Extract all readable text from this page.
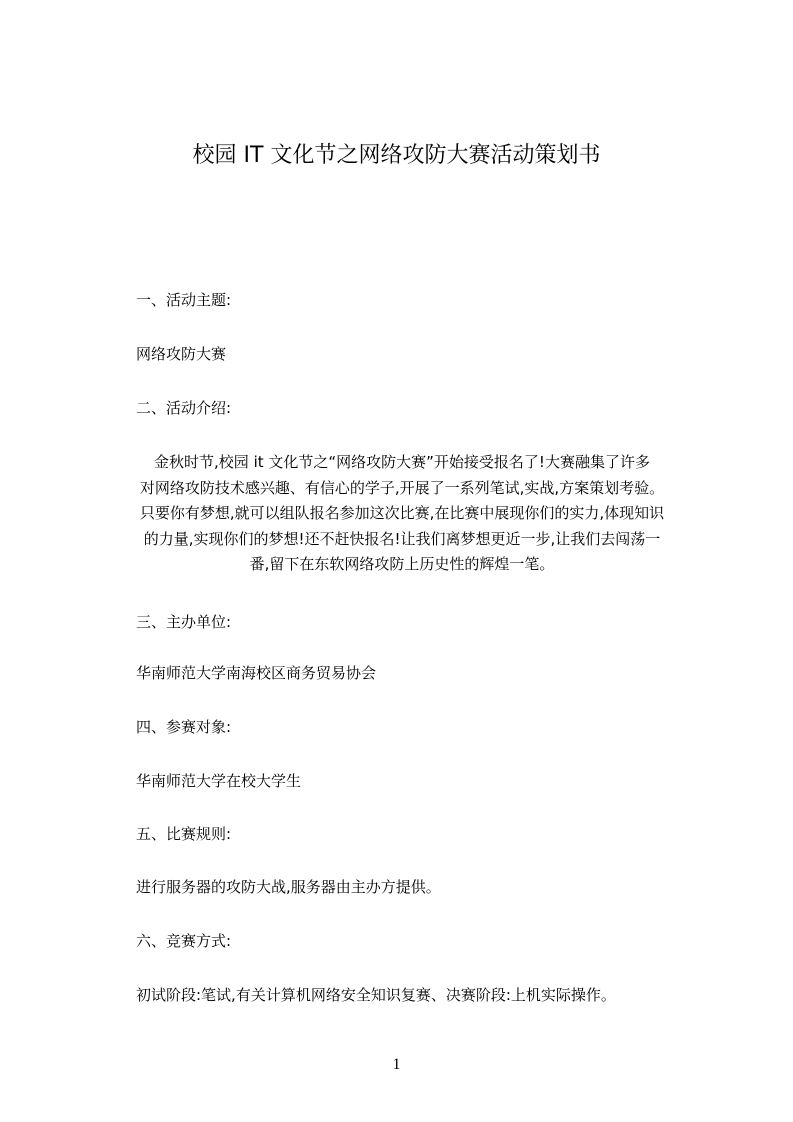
校园 IT 文化节之网络攻防大赛活动策划书
一、活动主题:
网络攻防大赛
二、活动介绍:
金秋时节,校园 it 文化节之“网络攻防大赛”开始接受报名了!大赛融集了许多
对网络攻防技术感兴趣、有信心的学子,开展了一系列笔试,实战,方案策划考验。
只要你有梦想,就可以组队报名参加这次比赛,在比赛中展现你们的实力,体现知识
的力量,实现你们的梦想!还不赶快报名!让我们离梦想更近一步,让我们去闯荡一
番,留下在东软网络攻防上历史性的辉煌一笔。
三、主办单位:
华南师范大学南海校区商务贸易协会
四、参赛对象:
华南师范大学在校大学生
五、比赛规则:
进行服务器的攻防大战,服务器由主办方提供。
六、竞赛方式:
初试阶段:笔试,有关计算机网络安全知识复赛、决赛阶段:上机实际操作。
1
